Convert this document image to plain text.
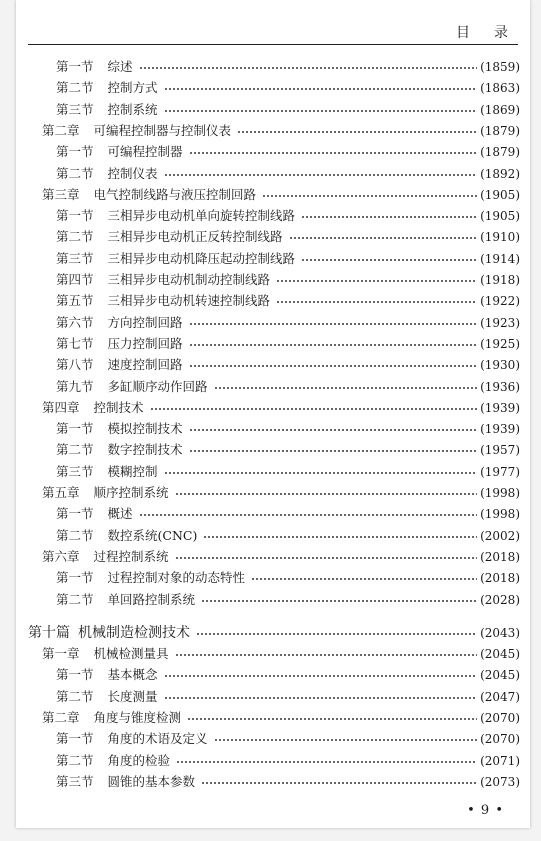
目录
第一节 综述	(1859)
第二节 控制方式	(1863)
第三节 控制系统	(1869)
第二章 可编程控制器与控制仪表	(1879)
第一节 可编程控制器	(1879)
第二节 控制仪表	(1892)
第三章 电气控制线路与液压控制回路	(1905)
第一节 三相异步电动机单向旋转控制线路	(1905)
第二节 三相异步电动机正反转控制线路	(1910)
第三节 三相异步电动机降压起动控制线路	(1914)
第四节 三相异步电动机制动控制线路	(1918)
第五节 三相异步电动机转速控制线路	(1922)
第六节 方向控制回路	(1923)
第七节 压力控制回路	(1925)
第八节 速度控制回路	(1930)
第九节 多缸顺序动作回路	(1936)
第四章 控制技术	(1939)
第一节 模拟控制技术	(1939)
第二节 数字控制技术	(1957)
第三节 模糊控制	(1977)
第五章 顺序控制系统	(1998)
第一节 概述	(1998)
第二节 数控系统(CNC)	(2002)
第六章 过程控制系统	(2018)
第一节 过程控制对象的动态特性	(2018)
第二节 单回路控制系统	(2028)
第十篇 机械制造检测技术	(2043)
第一章 机械检测量具	(2045)
第一节 基本概念	(2045)
第二节 长度测量	(2047)
第二章 角度与锥度检测	(2070)
第一节 角度的术语及定义	(2070)
第二节 角度的检验	(2071)
第三节 圆锥的基本参数	(2073)
• 9 •
